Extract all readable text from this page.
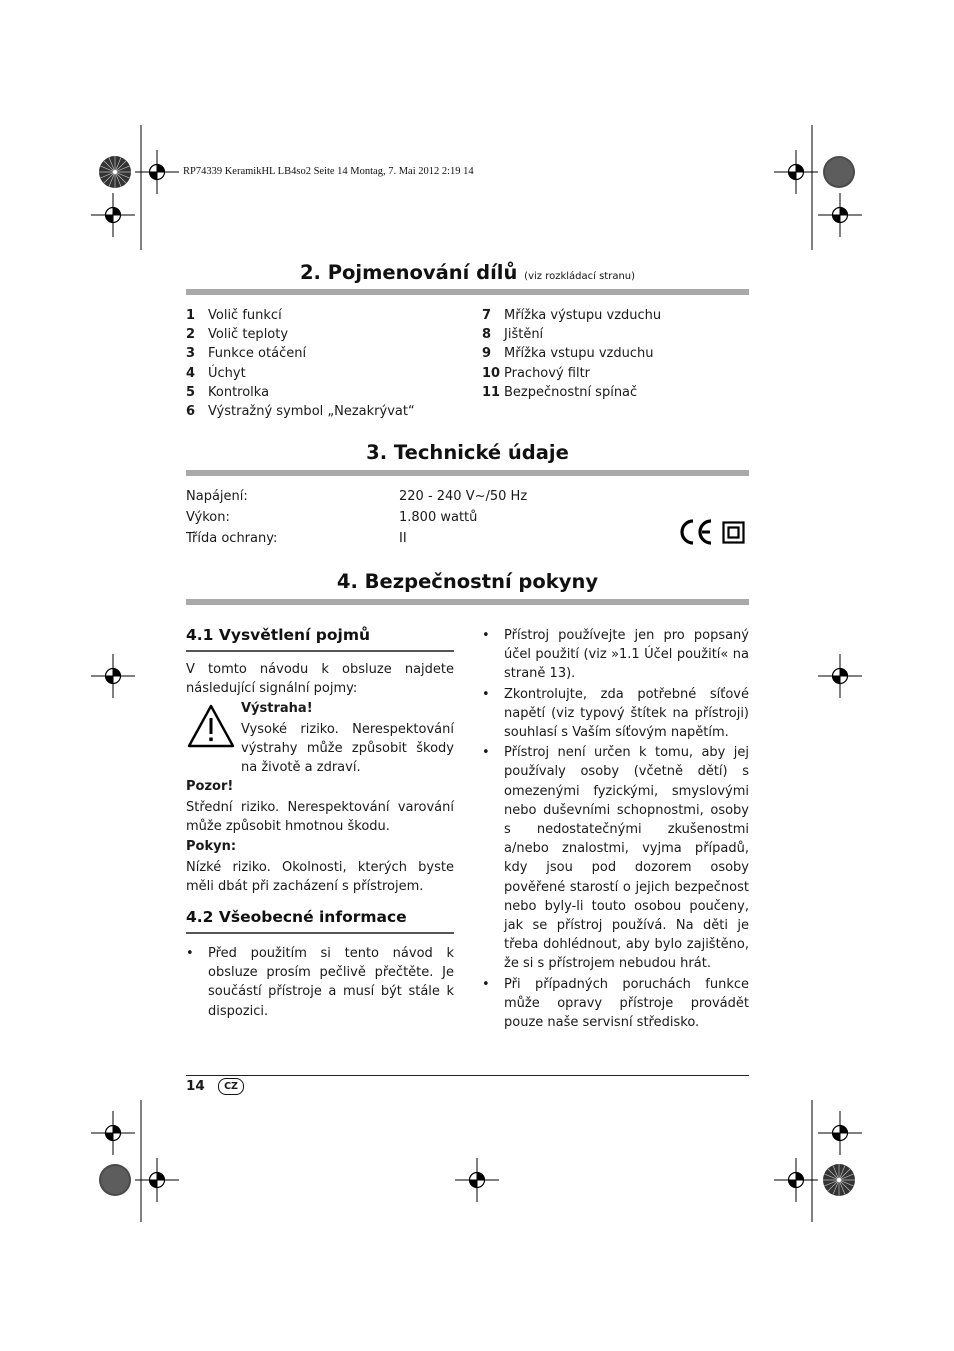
RP74339 KeramikHL LB4so2 Seite 14 Montag, 7. Mai 2012 2:19 14
2. Pojmenování dílů (viz rozkládací stranu)
1 Volič funkcí
2 Volič teploty
3 Funkce otáčení
4 Úchyt
5 Kontrolka
6 Výstražný symbol „Nezakrývat“
7 Mřížka výstupu vzduchu
8 Jištění
9 Mřížka vstupu vzduchu
10 Prachový filtr
11 Bezpečnostní spínač
3. Technické údaje
Napájení:
Výkon:
Třída ochrany:
220 - 240 V~/50 Hz
1.800 wattů
II
4. Bezpečnostní pokyny
4.1 Vysvětlení pojmů
V tomto návodu k obsluze najdete následující signální pojmy:
Výstraha!
Vysoké riziko. Nerespektování výstrahy může způsobit škody na životě a zdraví.
Pozor!
Střední riziko. Nerespektování varování může způsobit hmotnou škodu.
Pokyn:
Nízké riziko. Okolnosti, kterých byste měli dbát při zacházení s přístrojem.
4.2 Všeobecné informace
• Před použitím si tento návod k obsluze prosím pečlivě přečtěte. Je součástí přístroje a musí být stále k dispozici.
• Přístroj používejte jen pro popsaný účel použití (viz »1.1 Účel použití« na straně 13).
• Zkontrolujte, zda potřebné síťové napětí (viz typový štítek na přístroji) souhlasí s Vaším síťovým napětím.
• Přístroj není určen k tomu, aby jej používaly osoby (včetně dětí) s omezenými fyzickými, smyslovými nebo duševními schopnostmi, osoby s nedostatečnými zkušenostmi a/nebo znalostmi, vyjma případů, kdy jsou pod dozorem osoby pověřené starostí o jejich bezpečnost nebo byly-li touto osobou poučeny, jak se přístroj používá. Na děti je třeba dohlédnout, aby bylo zajištěno, že si s přístrojem nebudou hrát.
• Při případných poruchách funkce může opravy přístroje provádět pouze naše servisní středisko.
14	CZ
